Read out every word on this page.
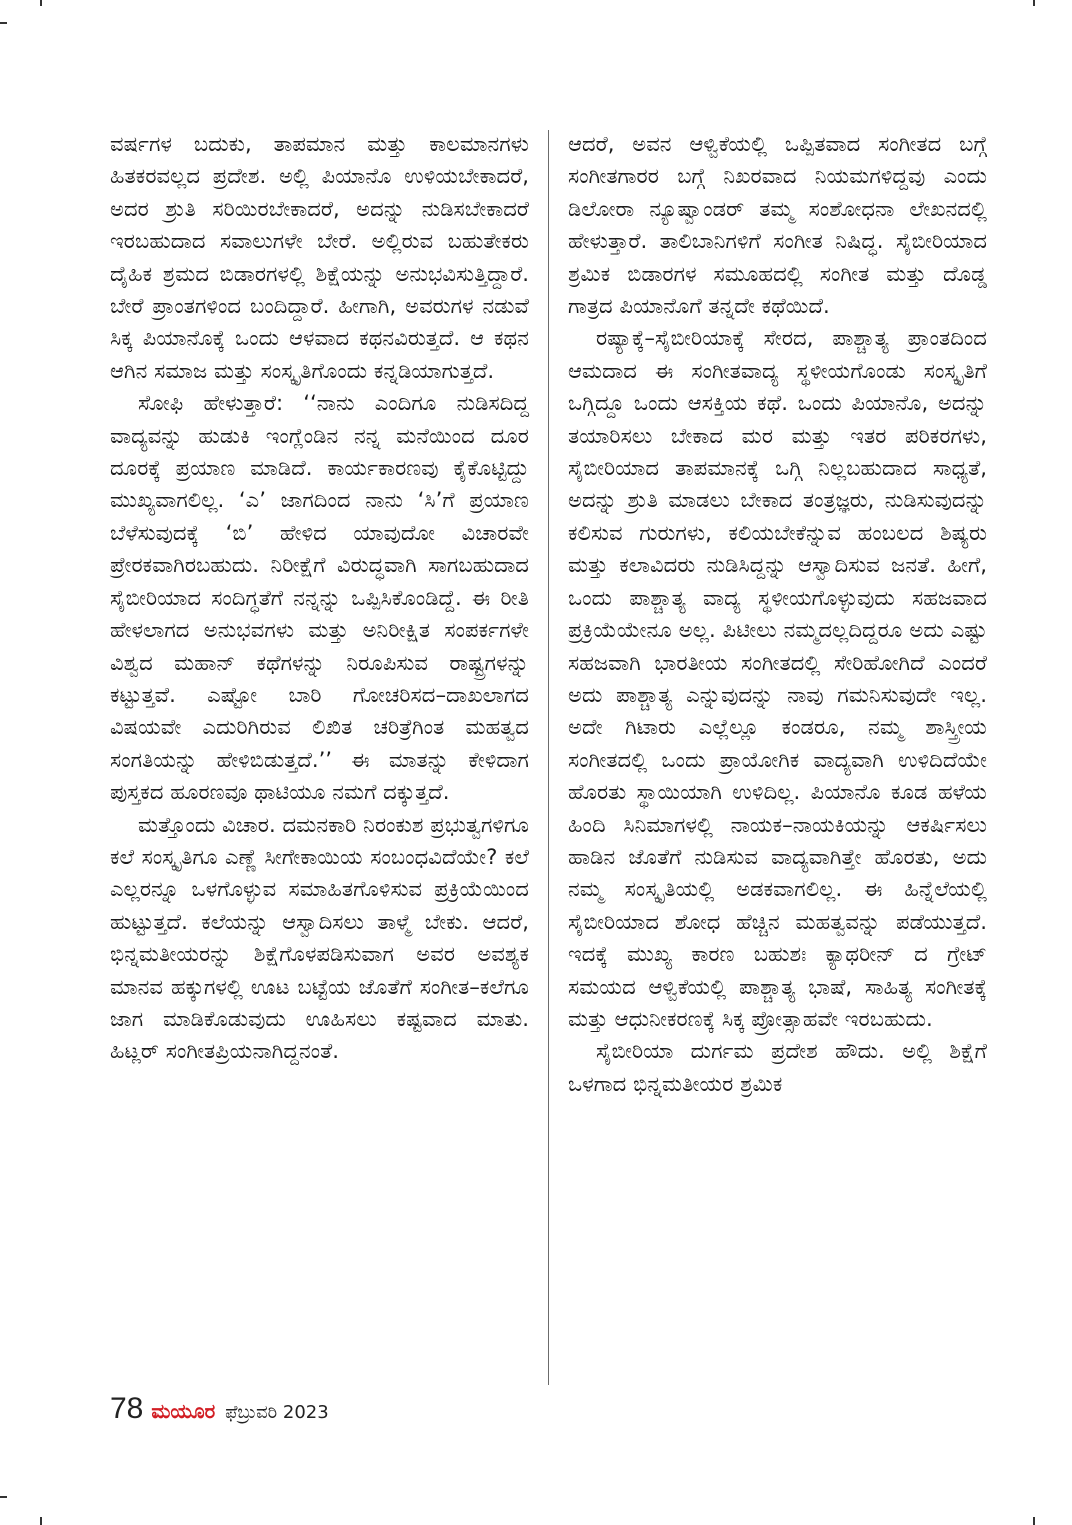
ವರ್ಷಗಳ ಬದುಕು, ತಾಪಮಾನ ಮತ್ತು ಕಾಲಮಾನಗಳು ಹಿತಕರವಲ್ಲದ ಪ್ರದೇಶ. ಅಲ್ಲಿ ಪಿಯಾನೊ ಉಳಿಯಬೇಕಾದರೆ, ಅದರ ಶ್ರುತಿ ಸರಿಯಿರಬೇಕಾದರೆ, ಅದನ್ನು ನುಡಿಸಬೇಕಾದರೆ ಇರಬಹುದಾದ ಸವಾಲುಗಳೇ ಬೇರೆ. ಅಲ್ಲಿರುವ ಬಹುತೇಕರು ದೈಹಿಕ ಶ್ರಮದ ಬಿಡಾರಗಳಲ್ಲಿ ಶಿಕ್ಷೆಯನ್ನು ಅನುಭವಿಸುತ್ತಿದ್ದಾರೆ. ಬೇರೆ ಪ್ರಾಂತಗಳಿಂದ ಬಂದಿದ್ದಾರೆ. ಹೀಗಾಗಿ, ಅವರುಗಳ ನಡುವೆ ಸಿಕ್ಕ ಪಿಯಾನೊಕ್ಕೆ ಒಂದು ಆಳವಾದ ಕಥನವಿರುತ್ತದೆ. ಆ ಕಥನ ಆಗಿನ ಸಮಾಜ ಮತ್ತು ಸಂಸ್ಕೃತಿಗೊಂದು ಕನ್ನಡಿಯಾಗುತ್ತದೆ.

ಸೋಫಿ ಹೇಳುತ್ತಾರೆ: ‘‘ನಾನು ಎಂದಿಗೂ ನುಡಿಸದಿದ್ದ ವಾದ್ಯವನ್ನು ಹುಡುಕಿ ಇಂಗ್ಲೆಂಡಿನ ನನ್ನ ಮನೆಯಿಂದ ದೂರ ದೂರಕ್ಕೆ ಪ್ರಯಾಣ ಮಾಡಿದೆ. ಕಾರ್ಯಕಾರಣವು ಕೈಕೊಟ್ಟಿದ್ದು ಮುಖ್ಯವಾಗಲಿಲ್ಲ. ‘ಎ’ ಜಾಗದಿಂದ ನಾನು ‘ಸಿ’ಗೆ ಪ್ರಯಾಣ ಬೆಳೆಸುವುದಕ್ಕೆ ‘ಬಿ’ ಹೇಳಿದ ಯಾವುದೋ ವಿಚಾರವೇ ಪ್ರೇರಕವಾಗಿರಬಹುದು. ನಿರೀಕ್ಷೆಗೆ ವಿರುದ್ಧವಾಗಿ ಸಾಗಬಹುದಾದ ಸೈಬೀರಿಯಾದ ಸಂದಿಗ್ಧತೆಗೆ ನನ್ನನ್ನು ಒಪ್ಪಿಸಿಕೊಂಡಿದ್ದೆ. ಈ ರೀತಿ ಹೇಳಲಾಗದ ಅನುಭವಗಳು ಮತ್ತು ಅನಿರೀಕ್ಷಿತ ಸಂಪರ್ಕಗಳೇ ವಿಶ್ವದ ಮಹಾನ್ ಕಥೆಗಳನ್ನು ನಿರೂಪಿಸುವ ರಾಷ್ಟ್ರಗಳನ್ನು ಕಟ್ಟುತ್ತವೆ. ಎಷ್ಟೋ ಬಾರಿ ಗೋಚರಿಸದ–ದಾಖಲಾಗದ ವಿಷಯವೇ ಎದುರಿಗಿರುವ ಲಿಖಿತ ಚರಿತ್ರೆಗಿಂತ ಮಹತ್ವದ ಸಂಗತಿಯನ್ನು ಹೇಳಿಬಿಡುತ್ತದೆ.’’ ಈ ಮಾತನ್ನು ಕೇಳಿದಾಗ ಪುಸ್ತಕದ ಹೂರಣವೂ ಥಾಟಿಯೂ ನಮಗೆ ದಕ್ಕುತ್ತದೆ.

ಮತ್ತೊಂದು ವಿಚಾರ. ದಮನಕಾರಿ ನಿರಂಕುಶ ಪ್ರಭುತ್ವಗಳಿಗೂ ಕಲೆ ಸಂಸ್ಕೃತಿಗೂ ಎಣ್ಣೆ ಸೀಗೇಕಾಯಿಯ ಸಂಬಂಧವಿದೆಯೇ? ಕಲೆ ಎಲ್ಲರನ್ನೂ ಒಳಗೊಳ್ಳುವ ಸಮಾಹಿತಗೊಳಿಸುವ ಪ್ರಕ್ರಿಯೆಯಿಂದ ಹುಟ್ಟುತ್ತದೆ. ಕಲೆಯನ್ನು ಆಸ್ವಾದಿಸಲು ತಾಳ್ಮೆ ಬೇಕು. ಆದರೆ, ಭಿನ್ನಮತೀಯರನ್ನು ಶಿಕ್ಷೆಗೊಳಪಡಿಸುವಾಗ ಅವರ ಅವಶ್ಯಕ ಮಾನವ ಹಕ್ಕುಗಳಲ್ಲಿ ಊಟ ಬಟ್ಟೆಯ ಜೊತೆಗೆ ಸಂಗೀತ–ಕಲೆಗೂ ಜಾಗ ಮಾಡಿಕೊಡುವುದು ಊಹಿಸಲು ಕಷ್ಟವಾದ ಮಾತು. ಹಿಟ್ಲರ್ ಸಂಗೀತಪ್ರಿಯನಾಗಿದ್ದನಂತೆ.

ಆದರೆ, ಅವನ ಆಳ್ವಿಕೆಯಲ್ಲಿ ಒಪ್ಪಿತವಾದ ಸಂಗೀತದ ಬಗ್ಗೆ ಸಂಗೀತಗಾರರ ಬಗ್ಗೆ ನಿಖರವಾದ ನಿಯಮಗಳಿದ್ದವು ಎಂದು ಡಿಲೋರಾ ನ್ಯೂಷ್ವಾಂಡರ್ ತಮ್ಮ ಸಂಶೋಧನಾ ಲೇಖನದಲ್ಲಿ ಹೇಳುತ್ತಾರೆ. ತಾಲಿಬಾನಿಗಳಿಗೆ ಸಂಗೀತ ನಿಷಿದ್ಧ. ಸೈಬೀರಿಯಾದ ಶ್ರಮಿಕ ಬಿಡಾರಗಳ ಸಮೂಹದಲ್ಲಿ ಸಂಗೀತ ಮತ್ತು ದೊಡ್ಡ ಗಾತ್ರದ ಪಿಯಾನೊಗೆ ತನ್ನದೇ ಕಥೆಯಿದೆ.

ರಷ್ಯಾಕ್ಕೆ–ಸೈಬೀರಿಯಾಕ್ಕೆ ಸೇರದ, ಪಾಶ್ಚಾತ್ಯ ಪ್ರಾಂತದಿಂದ ಆಮದಾದ ಈ ಸಂಗೀತವಾದ್ಯ ಸ್ಥಳೀಯಗೊಂಡು ಸಂಸ್ಕೃತಿಗೆ ಒಗ್ಗಿದ್ದೂ ಒಂದು ಆಸಕ್ತಿಯ ಕಥೆ. ಒಂದು ಪಿಯಾನೊ, ಅದನ್ನು ತಯಾರಿಸಲು ಬೇಕಾದ ಮರ ಮತ್ತು ಇತರ ಪರಿಕರಗಳು, ಸೈಬೀರಿಯಾದ ತಾಪಮಾನಕ್ಕೆ ಒಗ್ಗಿ ನಿಲ್ಲಬಹುದಾದ ಸಾಧ್ಯತೆ, ಅದನ್ನು ಶ್ರುತಿ ಮಾಡಲು ಬೇಕಾದ ತಂತ್ರಜ್ಞರು, ನುಡಿಸುವುದನ್ನು ಕಲಿಸುವ ಗುರುಗಳು, ಕಲಿಯಬೇಕೆನ್ನುವ ಹಂಬಲದ ಶಿಷ್ಯರು ಮತ್ತು ಕಲಾವಿದರು ನುಡಿಸಿದ್ದನ್ನು ಆಸ್ವಾದಿಸುವ ಜನತೆ. ಹೀಗೆ, ಒಂದು ಪಾಶ್ಚಾತ್ಯ ವಾದ್ಯ ಸ್ಥಳೀಯಗೊಳ್ಳುವುದು ಸಹಜವಾದ ಪ್ರಕ್ರಿಯೆಯೇನೂ ಅಲ್ಲ. ಪಿಟೀಲು ನಮ್ಮದಲ್ಲದಿದ್ದರೂ ಅದು ಎಷ್ಟು ಸಹಜವಾಗಿ ಭಾರತೀಯ ಸಂಗೀತದಲ್ಲಿ ಸೇರಿಹೋಗಿದೆ ಎಂದರೆ ಅದು ಪಾಶ್ಚಾತ್ಯ ಎನ್ನುವುದನ್ನು ನಾವು ಗಮನಿಸುವುದೇ ಇಲ್ಲ. ಅದೇ ಗಿಟಾರು ಎಲ್ಲೆಲ್ಲೂ ಕಂಡರೂ, ನಮ್ಮ ಶಾಸ್ತ್ರೀಯ ಸಂಗೀತದಲ್ಲಿ ಒಂದು ಪ್ರಾಯೋಗಿಕ ವಾದ್ಯವಾಗಿ ಉಳಿದಿದೆಯೇ ಹೊರತು ಸ್ಥಾಯಿಯಾಗಿ ಉಳಿದಿಲ್ಲ. ಪಿಯಾನೊ ಕೂಡ ಹಳೆಯ ಹಿಂದಿ ಸಿನಿಮಾಗಳಲ್ಲಿ ನಾಯಕ–ನಾಯಕಿಯನ್ನು ಆಕರ್ಷಿಸಲು ಹಾಡಿನ ಜೊತೆಗೆ ನುಡಿಸುವ ವಾದ್ಯವಾಗಿತ್ತೇ ಹೊರತು, ಅದು ನಮ್ಮ ಸಂಸ್ಕೃತಿಯಲ್ಲಿ ಅಡಕವಾಗಲಿಲ್ಲ. ಈ ಹಿನ್ನೆಲೆಯಲ್ಲಿ ಸೈಬೀರಿಯಾದ ಶೋಧ ಹೆಚ್ಚಿನ ಮಹತ್ವವನ್ನು ಪಡೆಯುತ್ತದೆ. ಇದಕ್ಕೆ ಮುಖ್ಯ ಕಾರಣ ಬಹುಶಃ ಕ್ಯಾಥರೀನ್ ದ ಗ್ರೇಟ್ ಸಮಯದ ಆಳ್ವಿಕೆಯಲ್ಲಿ ಪಾಶ್ಚಾತ್ಯ ಭಾಷೆ, ಸಾಹಿತ್ಯ ಸಂಗೀತಕ್ಕೆ ಮತ್ತು ಆಧುನೀಕರಣಕ್ಕೆ ಸಿಕ್ಕ ಪ್ರೋತ್ಸಾಹವೇ ಇರಬಹುದು.

ಸೈಬೀರಿಯಾ ದುರ್ಗಮ ಪ್ರದೇಶ ಹೌದು. ಅಲ್ಲಿ ಶಿಕ್ಷೆಗೆ ಒಳಗಾದ ಭಿನ್ನಮತೀಯರ ಶ್ರಮಿಕ

78 ಮಯೂರ ಫೆಬ್ರುವರಿ 2023
